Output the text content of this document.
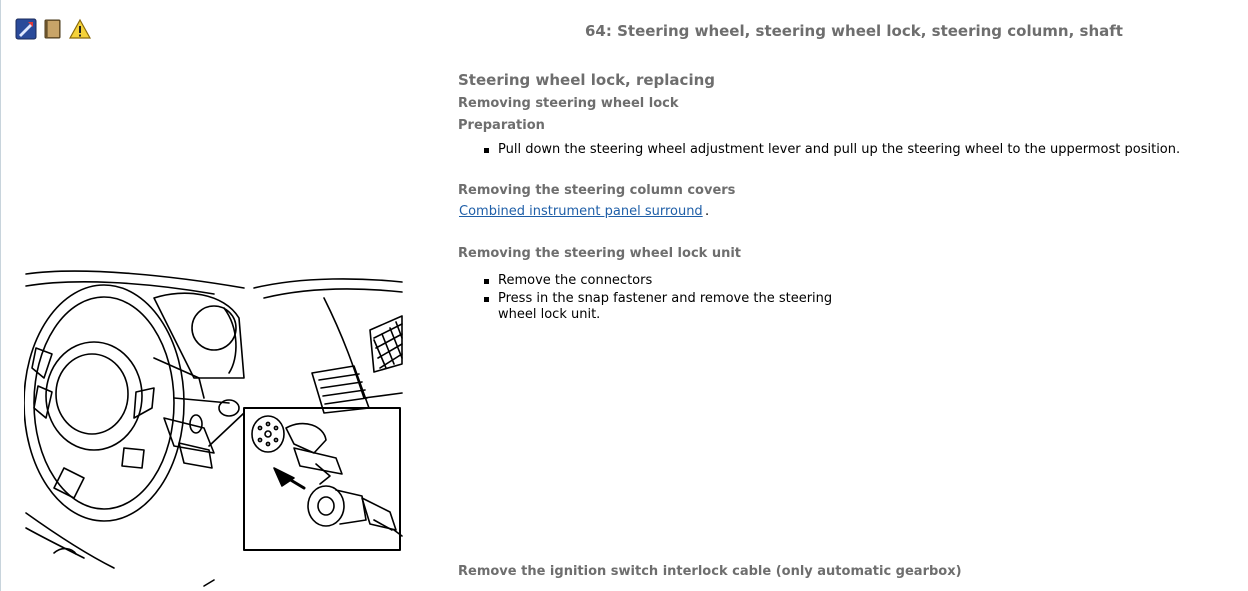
64: Steering wheel, steering wheel lock, steering column, shaft
Steering wheel lock, replacing
Removing steering wheel lock
Preparation
Pull down the steering wheel adjustment lever and pull up the steering wheel to the uppermost position.
Removing the steering column covers
Combined instrument panel surround .
Removing the steering wheel lock unit
Remove the connectors
Press in the snap fastener and remove the steering
wheel lock unit.
Remove the ignition switch interlock cable (only automatic gearbox)
